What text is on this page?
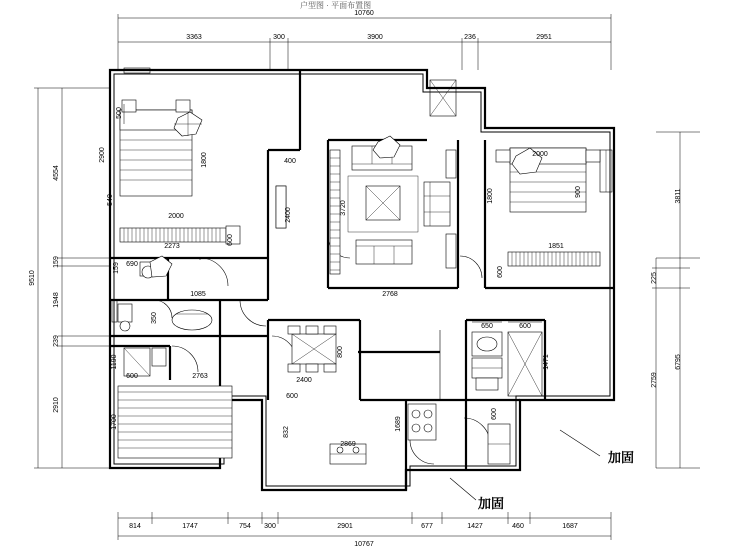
10760
3363	300	3900	236	2951
9510
4554
159
1948
239
2910
3811
6795
225
2759
814	1747	754 300	2901	677	1427	460	1687
10767
500
2900
540
2000
1800
2273
600
400
2400	3720
2768
2000
1800
1851
600
900
690
1085
350
159
2763
600
1190
1700
2400
800
600
832
2869
1689
650	600
1471
600
户型图 · 平面布置图
加固
加固
